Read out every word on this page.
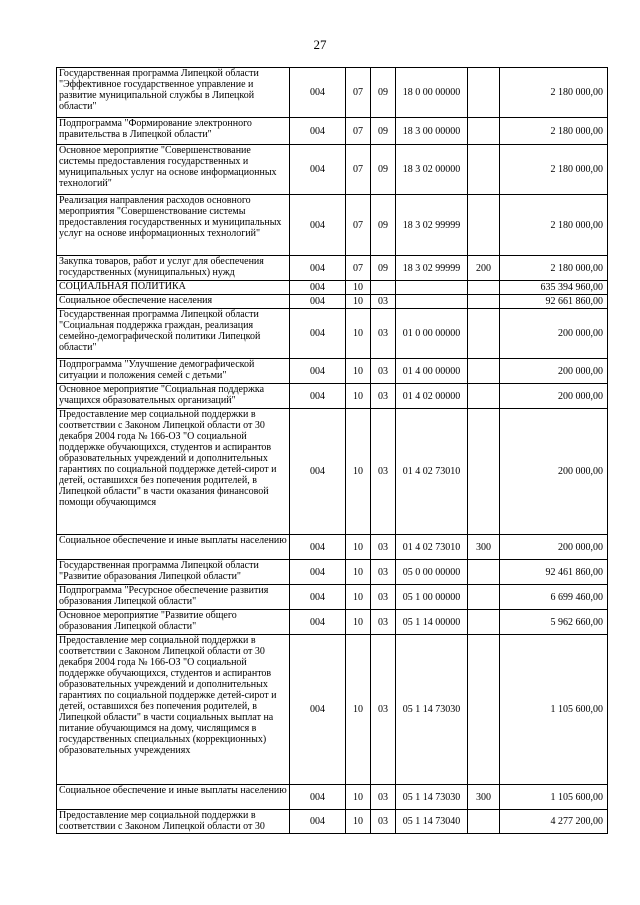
27
Государственная программа Липецкой области "Эффективное государственное управление и развитие муниципальной службы в Липецкой области"	004	07	09	18 0 00 00000		2 180 000,00
Подпрограмма "Формирование электронного правительства в Липецкой области"	004	07	09	18 3 00 00000		2 180 000,00
Основное мероприятие "Совершенствование системы предоставления государственных и муниципальных услуг на основе информационных технологий"	004	07	09	18 3 02 00000		2 180 000,00
Реализация направления расходов основного мероприятия "Совершенствование системы предоставления государственных и муниципальных услуг на основе информационных технологий"	004	07	09	18 3 02 99999		2 180 000,00
Закупка товаров, работ и услуг для обеспечения государственных (муниципальных) нужд	004	07	09	18 3 02 99999	200	2 180 000,00
СОЦИАЛЬНАЯ ПОЛИТИКА	004	10				635 394 960,00
Социальное обеспечение населения	004	10	03			92 661 860,00
Государственная программа Липецкой области "Социальная поддержка граждан, реализация семейно-демографической политики Липецкой области"	004	10	03	01 0 00 00000		200 000,00
Подпрограмма "Улучшение демографической ситуации и положения семей с детьми"	004	10	03	01 4 00 00000		200 000,00
Основное мероприятие "Социальная поддержка учащихся образовательных организаций"	004	10	03	01 4 02 00000		200 000,00
Предоставление мер социальной поддержки в соответствии с Законом Липецкой области от 30 декабря 2004 года № 166-ОЗ "О социальной поддержке обучающихся, студентов и аспирантов образовательных учреждений и дополнительных гарантиях по социальной поддержке детей-сирот и детей, оставшихся без попечения родителей, в Липецкой области" в части оказания финансовой помощи обучающимся	004	10	03	01 4 02 73010		200 000,00
Социальное обеспечение и иные выплаты населению	004	10	03	01 4 02 73010	300	200 000,00
Государственная программа Липецкой области "Развитие образования Липецкой области"	004	10	03	05 0 00 00000		92 461 860,00
Подпрограмма "Ресурсное обеспечение развития образования Липецкой области"	004	10	03	05 1 00 00000		6 699 460,00
Основное мероприятие "Развитие общего образования Липецкой области"	004	10	03	05 1 14 00000		5 962 660,00
Предоставление мер социальной поддержки в соответствии с Законом Липецкой области от 30 декабря 2004 года № 166-ОЗ "О социальной поддержке обучающихся, студентов и аспирантов образовательных учреждений и дополнительных гарантиях по социальной поддержке детей-сирот и детей, оставшихся без попечения родителей, в Липецкой области" в части социальных выплат на питание обучающимся на дому, числящимся в государственных специальных (коррекционных) образовательных учреждениях	004	10	03	05 1 14 73030		1 105 600,00
Социальное обеспечение и иные выплаты населению	004	10	03	05 1 14 73030	300	1 105 600,00
Предоставление мер социальной поддержки в соответствии с Законом Липецкой области от 30	004	10	03	05 1 14 73040		4 277 200,00
